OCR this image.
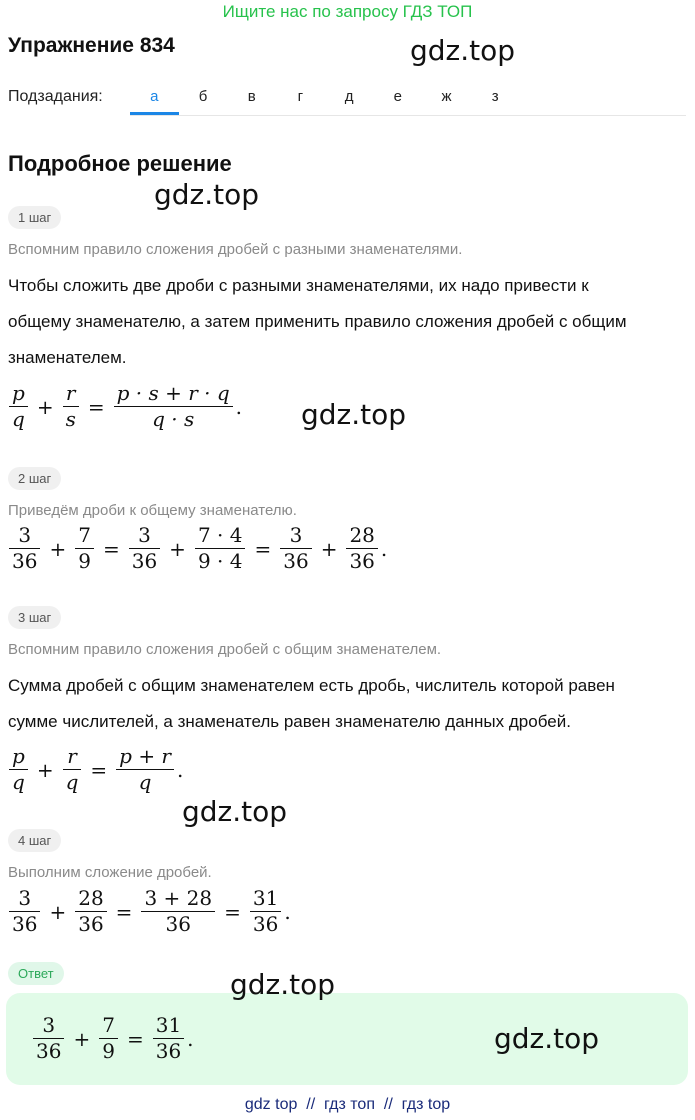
Ищите нас по запросу ГДЗ ТОП
Упражнение 834	gdz.top
Подзадания:	а	б	в	г	д	е	ж	з
Подробное решение
gdz.top
1 шаг
Вспомним правило сложения дробей с разными знаменателями.
Чтобы сложить две дроби с разными знаменателями, их надо привести к
общему знаменателю, а затем применить правило сложения дробей с общим
знаменателем.
$\frac{p}{q} + \frac{r}{s} = \frac{p \cdot s + r \cdot q}{q \cdot s}$ . gdz.top
2 шаг
Приведём дроби к общему знаменателю.
$\frac{3}{36} + \frac{7}{9} = \frac{3}{36} + \frac{7 \cdot 4}{9 \cdot 4} = \frac{3}{36} + \frac{28}{36}$ .
3 шаг
Вспомним правило сложения дробей с общим знаменателем.
Сумма дробей с общим знаменателем есть дробь, числитель которой равен
сумме числителей, а знаменатель равен знаменателю данных дробей.
$\frac{p}{q} + \frac{r}{q} = \frac{p + r}{q}$ .
gdz.top
4 шаг
Выполним сложение дробей.
$\frac{3}{36} + \frac{28}{36} = \frac{3 + 28}{36} = \frac{31}{36}$ .
Ответ	gdz.top
$\frac{3}{36} + \frac{7}{9} = \frac{31}{36}$ .	gdz.top
gdz top  //  гдз топ  //  гдз top
